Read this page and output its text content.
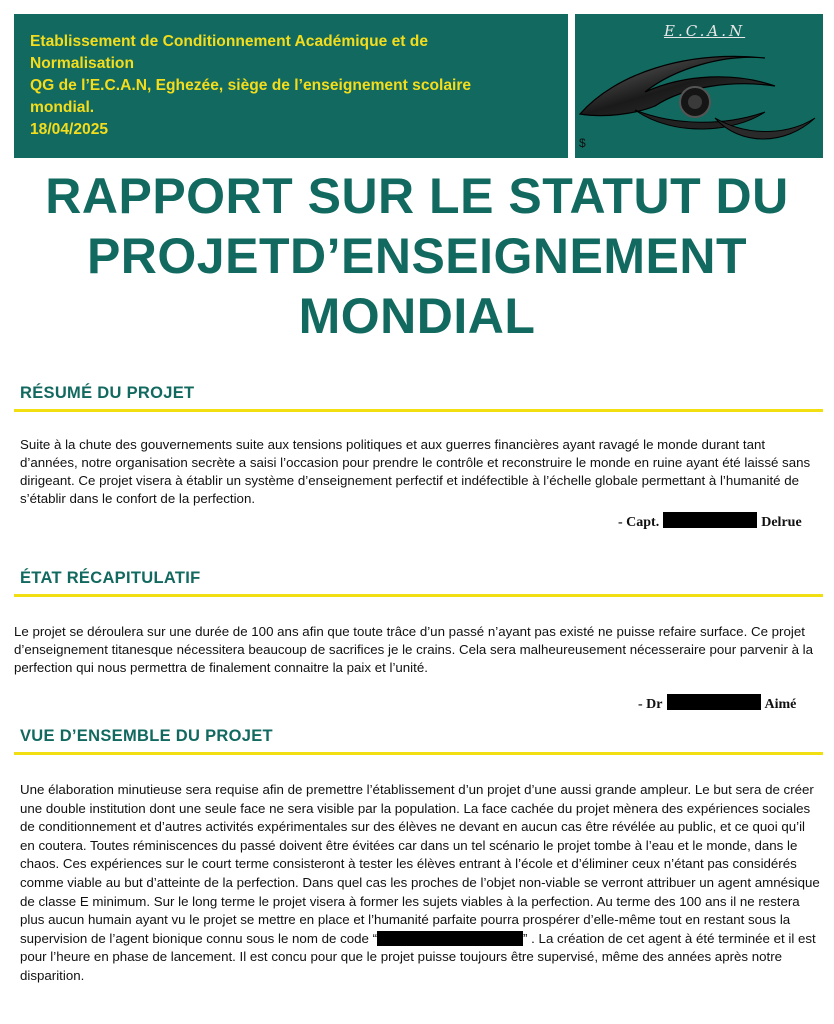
Etablissement de Conditionnement Académique et de
Normalisation
QG de l’E.C.A.N, Eghezée, siège de l’enseignement scolaire
mondial.
18/04/2025
E.C.A.N
$
RAPPORT SUR LE STATUT DU
PROJETD’ENSEIGNEMENT
MONDIAL
RÉSUMÉ DU PROJET
Suite à la chute des gouvernements suite aux tensions politiques et aux guerres financières ayant ravagé le monde durant tant d’années, notre organisation secrète a saisi l’occasion pour prendre le contrôle et reconstruire le monde en ruine ayant été laissé sans dirigeant. Ce projet visera à établir un système d’enseignement perfectif et indéfectible à l’échelle globale permettant à l’humanité de s’établir dans le confort de la perfection.
- Capt.	Delrue
ÉTAT RÉCAPITULATIF
Le projet se déroulera sur une durée de 100 ans afin que toute trâce d’un passé n’ayant pas existé ne puisse refaire surface. Ce projet d’enseignement titanesque nécessitera beaucoup de sacrifices je le crains. Cela sera malheureusement nécesseraire pour parvenir à la perfection qui nous permettra de finalement connaitre la paix et l’unité.
- Dr	Aimé
VUE D’ENSEMBLE DU PROJET
Une élaboration minutieuse sera requise afin de premettre l’établissement d’un projet d’une aussi grande ampleur. Le but sera de créer une double institution dont une seule face ne sera visible par la population. La face cachée du projet mènera des expériences sociales de conditionnement et d’autres activités expérimentales sur des élèves ne devant en aucun cas être révélée au public, et ce quoi qu’il en coutera. Toutes réminiscences du passé doivent être évitées car dans un tel scénario le projet tombe à l’eau et le monde, dans le chaos. Ces expériences sur le court terme consisteront à tester les élèves entrant à l’école et d’éliminer ceux n’étant pas considérés comme viable au but d’atteinte de la perfection. Dans quel cas les proches de l’objet non-viable se verront attribuer un agent amnésique de classe E minimum. Sur le long terme le projet visera à former les sujets viables à la perfection. Au terme des 100 ans il ne restera plus aucun humain ayant vu le projet se mettre en place et l’humanité parfaite pourra prospérer d’elle-même tout en restant sous la supervision de l’agent bionique connu sous le nom de code “	” . La création de cet agent à été terminée et il est pour l’heure en phase de lancement. Il est concu pour que le projet puisse toujours être supervisé, même des années après notre disparition.
